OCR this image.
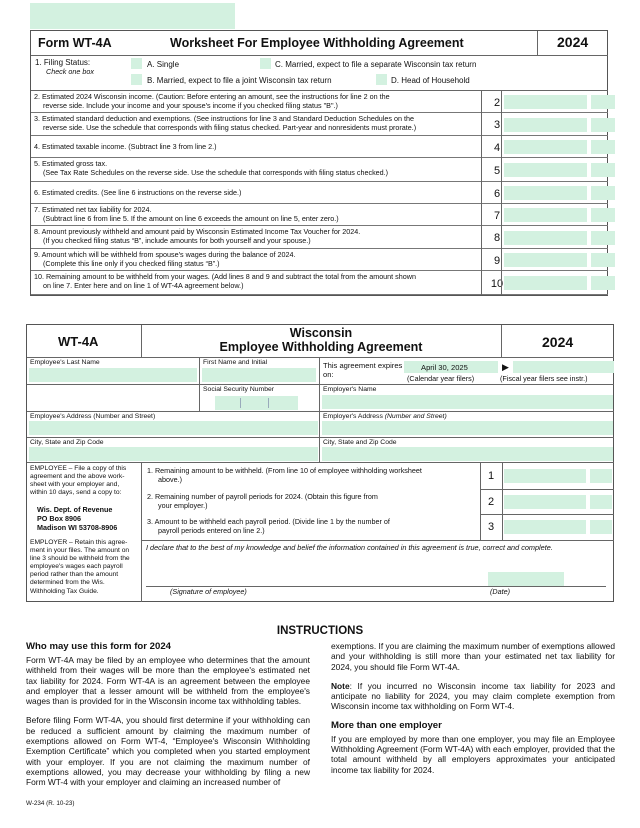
Form WT-4A	Worksheet For Employee Withholding Agreement	2024
1. Filing Status:
Check one box
A. Single	C. Married, expect to file a separate Wisconsin tax return
B. Married, expect to file a joint Wisconsin tax return	D. Head of Household
2. Estimated 2024 Wisconsin income. (Caution: Before entering an amount, see the instructions for line 2 on the
reverse side. Include your income and your spouse's income if you checked filing status "B".)	2
3. Estimated standard deduction and exemptions. (See instructions for line 3 and Standard Deduction Schedules on the
reverse side. Use the schedule that corresponds with filing status checked. Part-year and nonresidents must prorate.)	3
4. Estimated taxable income. (Subtract line 3 from line 2.)	4
5. Estimated gross tax.
(See Tax Rate Schedules on the reverse side. Use the schedule that corresponds with filing status checked.)	5
6. Estimated credits. (See line 6 instructions on the reverse side.)	6
7. Estimated net tax liability for 2024.
(Subtract line 6 from line 5. If the amount on line 6 exceeds the amount on line 5, enter zero.)	7
8. Amount previously withheld and amount paid by Wisconsin Estimated Income Tax Voucher for 2024.
(If you checked filing status “B”, include amounts for both yourself and your spouse.)	8
9. Amount which will be withheld from spouse's wages during the balance of 2024.
(Complete this line only if you checked filing status “B”.)	9
10. Remaining amount to be withheld from your wages. (Add lines 8 and 9 and subtract the total from the amount shown
on line 7. Enter here and on line 1 of WT-4A agreement below.)	10
WT-4A
Wisconsin
Employee Withholding Agreement	2024
Employee's Last Name	First Name and Initial	This agreement expires on:
April 30, 2025
(Calendar year filers)
▶
(Fiscal year filers see instr.)
Social Security Number	Employer's Name
Employee's Address (Number and Street)	Employer's Address (Number and Street)
City, State and Zip Code	City, State and Zip Code
EMPLOYEE – File a copy of this agreement and the above work-sheet with your employer and, within 10 days, send a copy to:
Wis. Dept. of Revenue
PO Box 8906
Madison WI 53708-8906
EMPLOYER – Retain this agree-ment in your files. The amount on line 3 should be withheld from the employee's wages each payroll period rather than the amount determined from the Wis. Withholding Tax Guide.
1. Remaining amount to be withheld. (From line 10 of employee withholding worksheet
above.)	1
2. Remaining number of payroll periods for 2024. (Obtain this figure from
your employer.)	2
3. Amount to be withheld each payroll period. (Divide line 1 by the number of
payroll periods entered on line 2.)	3
I declare that to the best of my knowledge and belief the information contained in this agreement is true, correct and complete.
(Signature of employee)	(Date)
INSTRUCTIONS
Who may use this form for 2024

Form WT-4A may be filed by an employee who determines that the amount withheld from their wages will be more than the employee's estimated net tax liability for 2024. Form WT-4A is an agreement between the employee and employer that a lesser amount will be withheld from the employee's wages than is provided for in the Wisconsin income tax withholding tables.

Before filing Form WT-4A, you should first determine if your withholding can be reduced a sufficient amount by claiming the maximum number of exemptions allowed on Form WT-4, “Employee's Wisconsin Withholding Exemption Certificate” which you completed when you started employment with your employer. If you are not claiming the maximum number of exemptions allowed, you may decrease your withholding by filing a new Form WT-4 with your employer and claiming an increased number of

exemptions. If you are claiming the maximum number of exemptions allowed and your withholding is still more than your estimated net tax liability for 2024, you should file Form WT-4A.

Note: If you incurred no Wisconsin income tax liability for 2023 and anticipate no liability for 2024, you may claim complete exemption from Wisconsin income tax withholding on Form WT-4.

More than one employer

If you are employed by more than one employer, you may file an Employee Withholding Agreement (Form WT-4A) with each employer, provided that the total amount withheld by all employers approximates your anticipated income tax liability for 2024.

W-234 (R. 10-23)
